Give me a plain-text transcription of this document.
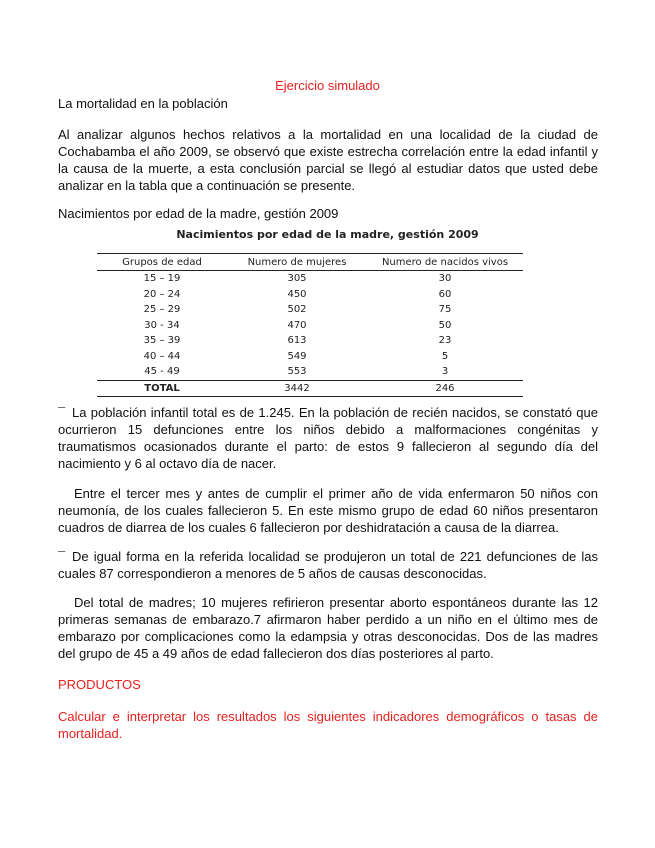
Ejercicio simulado
La mortalidad en la población

Al analizar algunos hechos relativos a la mortalidad en una localidad de la ciudad de Cochabamba el año 2009, se observó que existe estrecha correlación entre la edad infantil y la causa de la muerte, a esta conclusión parcial se llegó al estudiar datos que usted debe analizar en la tabla que a continuación se presente.

Nacimientos por edad de la madre, gestión 2009

Nacimientos por edad de la madre, gestión 2009
Grupos de edad	Numero de mujeres	Numero de nacidos vivos
15 – 19	305	30
20 – 24	450	60
25 – 29	502	75
30 - 34	470	50
35 – 39	613	23
40 – 44	549	5
45 - 49	553	3
TOTAL	3442	246

¯ La población infantil total es de 1.245. En la población de recién nacidos, se constató que ocurrieron 15 defunciones entre los niños debido a malformaciones congénitas y traumatismos ocasionados durante el parto: de estos 9 fallecieron al segundo día del nacimiento y 6 al octavo día de nacer.

Entre el tercer mes y antes de cumplir el primer año de vida enfermaron 50 niños con neumonía, de los cuales fallecieron 5. En este mismo grupo de edad 60 niños presentaron cuadros de diarrea de los cuales 6 fallecieron por deshidratación a causa de la diarrea.

¯ De igual forma en la referida localidad se produjeron un total de 221 defunciones de las cuales 87 correspondieron a menores de 5 años de causas desconocidas.

Del total de madres; 10 mujeres refirieron presentar aborto espontáneos durante las 12 primeras semanas de embarazo.7 afirmaron haber perdido a un niño en el último mes de embarazo por complicaciones como la edampsia y otras desconocidas. Dos de las madres del grupo de 45 a 49 años de edad fallecieron dos días posteriores al parto.

PRODUCTOS

Calcular e interpretar los resultados los siguientes indicadores demográficos o tasas de mortalidad.
